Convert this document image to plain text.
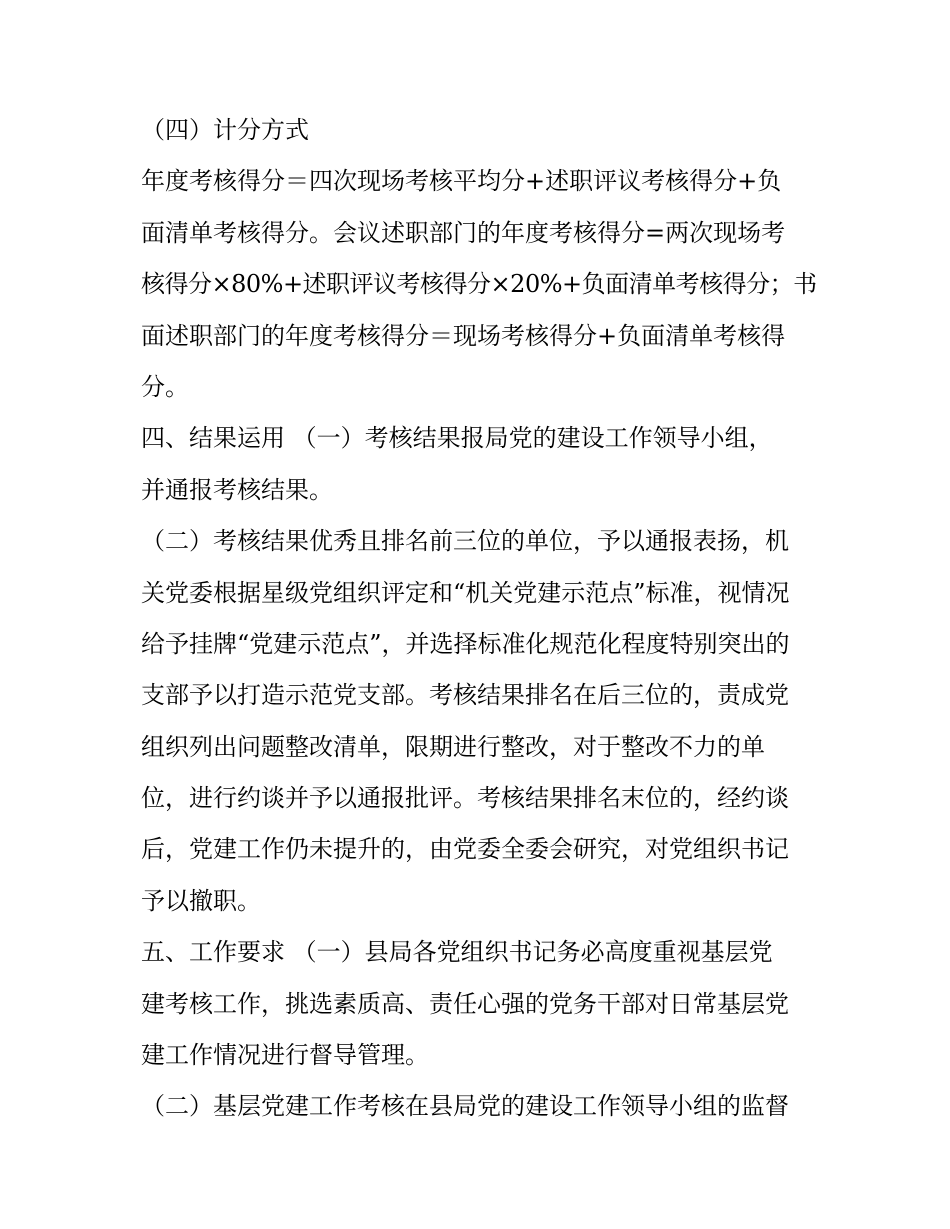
（四）计分方式
年度考核得分＝四次现场考核平均分+述职评议考核得分+负
面清单考核得分。会议述职部门的年度考核得分=两次现场考
核得分×80%+述职评议考核得分×20%+负面清单考核得分；书
面述职部门的年度考核得分＝现场考核得分+负面清单考核得
分。
四、结果运用 （一）考核结果报局党的建设工作领导小组，
并通报考核结果。
（二）考核结果优秀且排名前三位的单位，予以通报表扬，机
关党委根据星级党组织评定和“机关党建示范点”标准，视情况
给予挂牌“党建示范点”，并选择标准化规范化程度特别突出的
支部予以打造示范党支部。考核结果排名在后三位的，责成党
组织列出问题整改清单，限期进行整改，对于整改不力的单
位，进行约谈并予以通报批评。考核结果排名末位的，经约谈
后，党建工作仍未提升的，由党委全委会研究，对党组织书记
予以撤职。
五、工作要求 （一）县局各党组织书记务必高度重视基层党
建考核工作，挑选素质高、责任心强的党务干部对日常基层党
建工作情况进行督导管理。
（二）基层党建工作考核在县局党的建设工作领导小组的监督
